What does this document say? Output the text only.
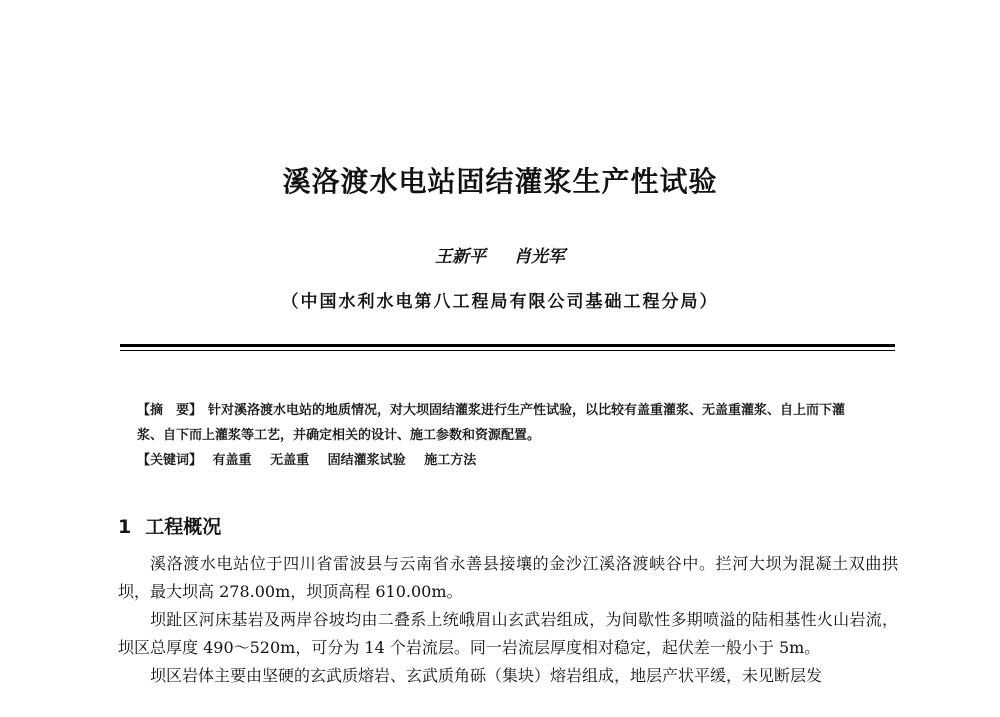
溪洛渡水电站固结灌浆生产性试验
王新平 肖光军
（中国水利水电第八工程局有限公司基础工程分局）
【摘　要】 针对溪洛渡水电站的地质情况，对大坝固结灌浆进行生产性试验，以比较有盖重灌浆、无盖重灌浆、自上而下灌浆、自下而上灌浆等工艺，并确定相关的设计、施工参数和资源配置。
【关键词】 有盖重 无盖重 固结灌浆试验 施工方法
1 工程概况

溪洛渡水电站位于四川省雷波县与云南省永善县接壤的金沙江溪洛渡峡谷中。拦河大坝为混凝土双曲拱坝，最大坝高 278.00m，坝顶高程 610.00m。

坝趾区河床基岩及两岸谷坡均由二叠系上统峨眉山玄武岩组成，为间歇性多期喷溢的陆相基性火山岩流，坝区总厚度 490～520m，可分为 14 个岩流层。同一岩流层厚度相对稳定，起伏差一般小于 5m。

坝区岩体主要由坚硬的玄武质熔岩、玄武质角砾（集块）熔岩组成，地层产状平缓，未见断层发
